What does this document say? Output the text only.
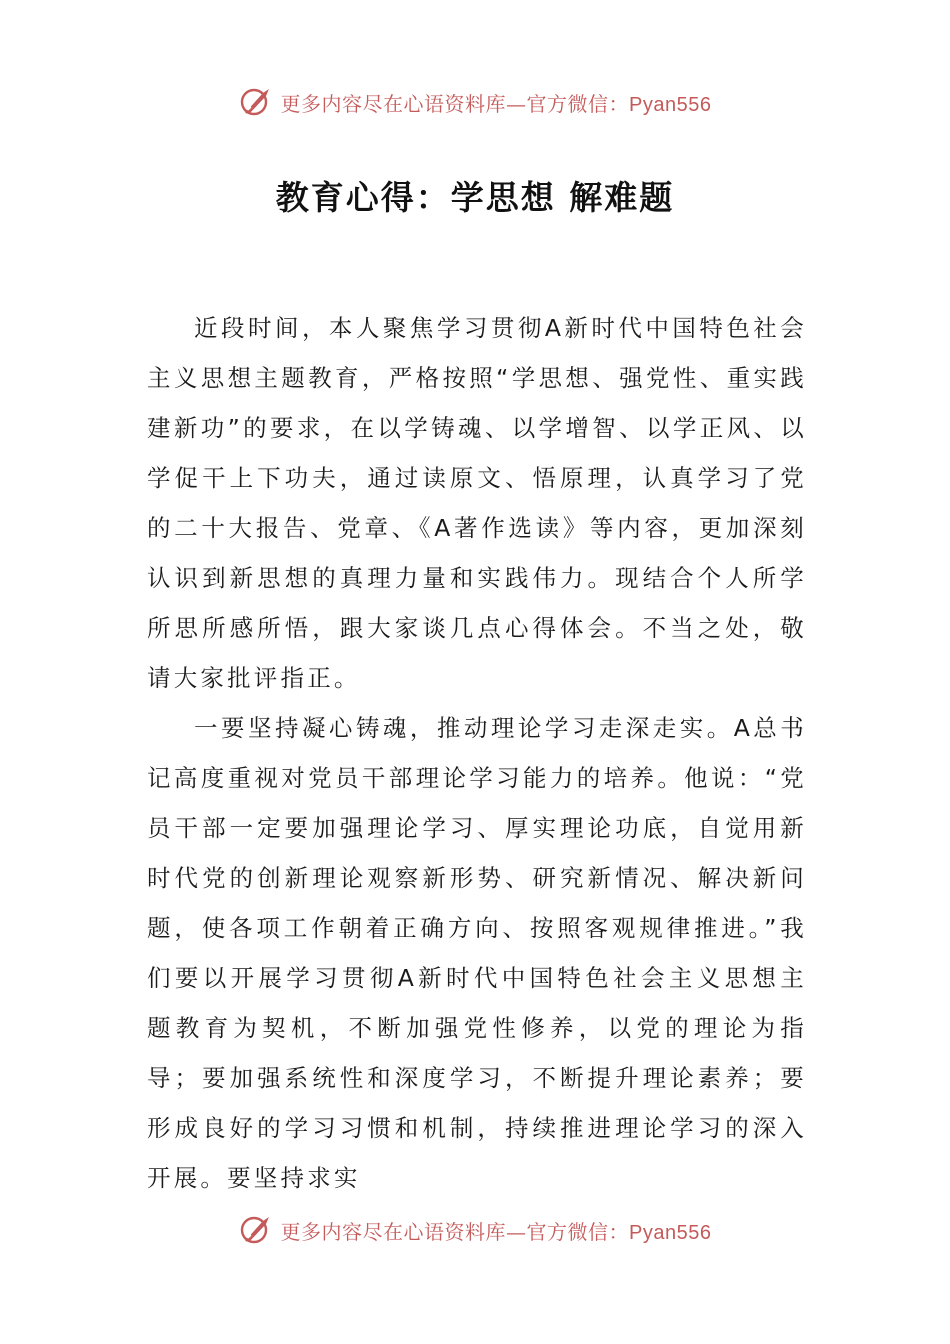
更多内容尽在心语资料库—官方微信：Pyan556
教育心得：学思想 解难题

近段时间，本人聚焦学习贯彻A新时代中国特色社会主义思想主题教育，严格按照“学思想、强党性、重实践建新功”的要求，在以学铸魂、以学增智、以学正风、以学促干上下功夫，通过读原文、悟原理，认真学习了党的二十大报告、党章、《A著作选读》等内容，更加深刻认识到新思想的真理力量和实践伟力。现结合个人所学所思所感所悟，跟大家谈几点心得体会。不当之处，敬请大家批评指正。

一要坚持凝心铸魂，推动理论学习走深走实。A总书记高度重视对党员干部理论学习能力的培养。他说：“党员干部一定要加强理论学习、厚实理论功底，自觉用新时代党的创新理论观察新形势、研究新情况、解决新问题，使各项工作朝着正确方向、按照客观规律推进。”我们要以开展学习贯彻A新时代中国特色社会主义思想主题教育为契机，不断加强党性修养，以党的理论为指导；要加强系统性和深度学习，不断提升理论素养；要形成良好的学习习惯和机制，持续推进理论学习的深入开展。要坚持求实

更多内容尽在心语资料库—官方微信：Pyan556
